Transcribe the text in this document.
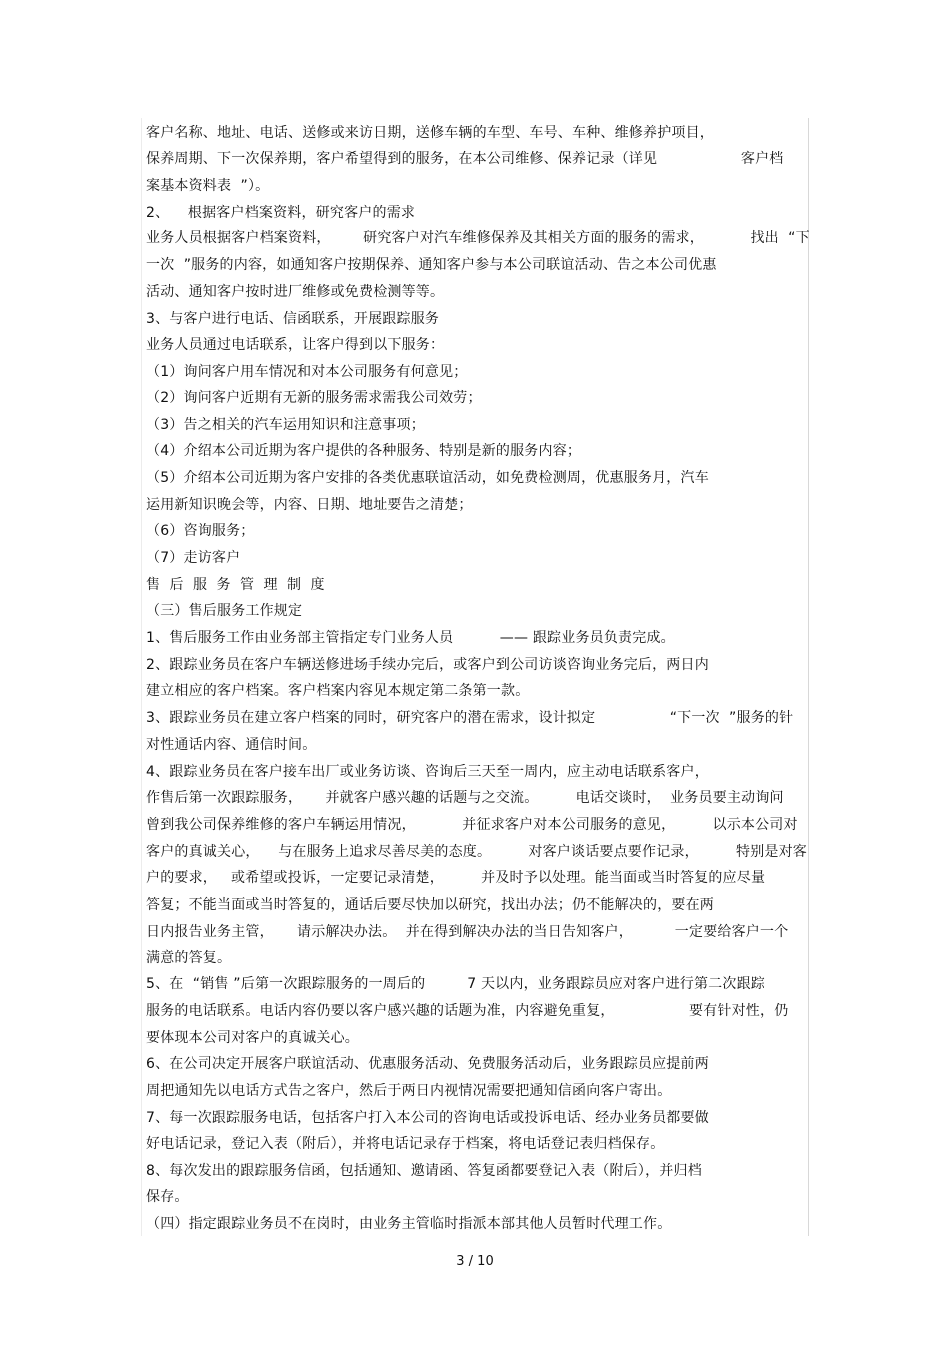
客户名称、地址、电话、送修或来访日期，送修车辆的车型、车号、车种、维修养护项目，
保养周期、下一次保养期，客户希望得到的服务，在本公司维修、保养记录（详见                  客户档
案基本资料表  ”）。
2、    根据客户档案资料，研究客户的需求
业务人员根据客户档案资料，       研究客户对汽车维修保养及其相关方面的服务的需求，          找出  “下
一次  ”服务的内容，如通知客户按期保养、通知客户参与本公司联谊活动、告之本公司优惠
活动、通知客户按时进厂维修或免费检测等等。
3、与客户进行电话、信函联系，开展跟踪服务
业务人员通过电话联系，让客户得到以下服务：
（1）询问客户用车情况和对本公司服务有何意见；
（2）询问客户近期有无新的服务需求需我公司效劳；
（3）告之相关的汽车运用知识和注意事项；
（4）介绍本公司近期为客户提供的各种服务、特别是新的服务内容；
（5）介绍本公司近期为客户安排的各类优惠联谊活动，如免费检测周，优惠服务月，汽车
运用新知识晚会等，内容、日期、地址要告之清楚；
（6）咨询服务；
（7）走访客户
售  后  服  务  管  理  制  度
（三）售后服务工作规定
1、售后服务工作由业务部主管指定专门业务人员          —— 跟踪业务员负责完成。
2、跟踪业务员在客户车辆送修进场手续办完后，或客户到公司访谈咨询业务完后，两日内
建立相应的客户档案。客户档案内容见本规定第二条第一款。
3、跟踪业务员在建立客户档案的同时，研究客户的潜在需求，设计拟定                “下一次  ”服务的针
对性通话内容、通信时间。
4、跟踪业务员在客户接车出厂或业务访谈、咨询后三天至一周内，应主动电话联系客户，
作售后第一次跟踪服务，     并就客户感兴趣的话题与之交流。        电话交谈时，  业务员要主动询问
曾到我公司保养维修的客户车辆运用情况，          并征求客户对本公司服务的意见，        以示本公司对
客户的真诚关心，    与在服务上追求尽善尽美的态度。        对客户谈话要点要作记录，        特别是对客
户的要求，   或希望或投诉，一定要记录清楚，        并及时予以处理。能当面或当时答复的应尽量
答复；不能当面或当时答复的，通话后要尽快加以研究，找出办法；仍不能解决的，要在两
日内报告业务主管，     请示解决办法。  并在得到解决办法的当日告知客户，         一定要给客户一个
满意的答复。
5、在  “销售 ”后第一次跟踪服务的一周后的         7 天以内，业务跟踪员应对客户进行第二次跟踪
服务的电话联系。电话内容仍要以客户感兴趣的话题为准，内容避免重复，                要有针对性，仍
要体现本公司对客户的真诚关心。
6、在公司决定开展客户联谊活动、优惠服务活动、免费服务活动后，业务跟踪员应提前两
周把通知先以电话方式告之客户，然后于两日内视情况需要把通知信函向客户寄出。
7、每一次跟踪服务电话，包括客户打入本公司的咨询电话或投诉电话、经办业务员都要做
好电话记录，登记入表（附后），并将电话记录存于档案，将电话登记表归档保存。
8、每次发出的跟踪服务信函，包括通知、邀请函、答复函都要登记入表（附后），并归档
保存。
（四）指定跟踪业务员不在岗时，由业务主管临时指派本部其他人员暂时代理工作。
3 / 10
